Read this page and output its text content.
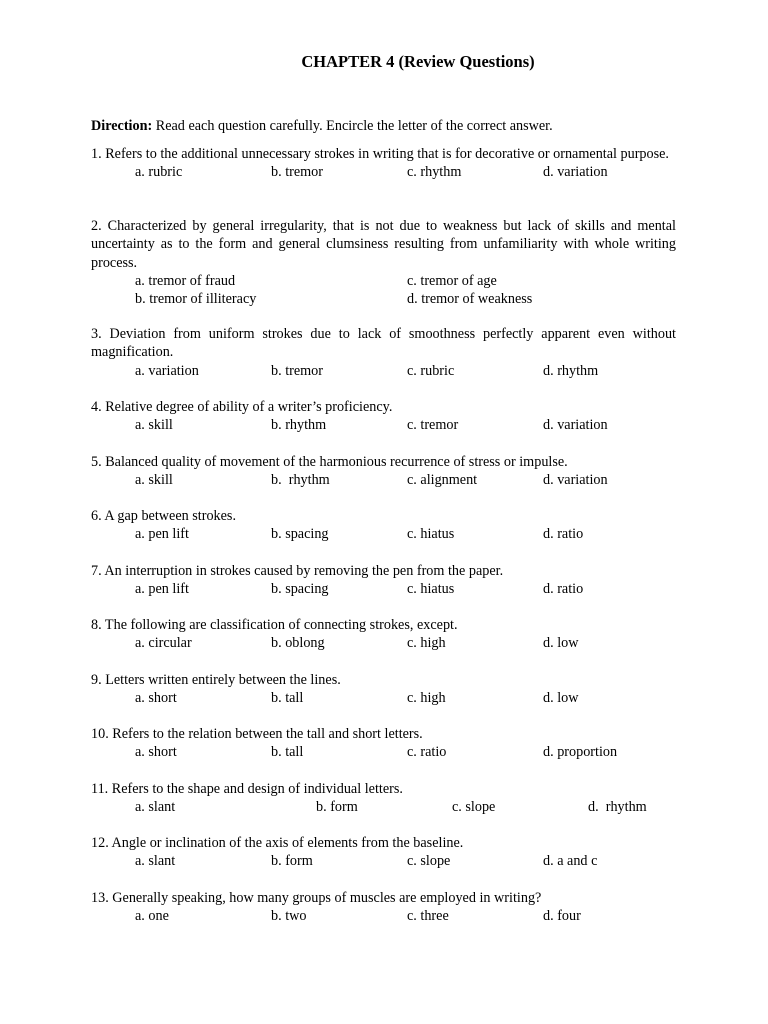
CHAPTER 4 (Review Questions)
Direction: Read each question carefully. Encircle the letter of the correct answer.
1. Refers to the additional unnecessary strokes in writing that is for decorative or ornamental purpose.
a. rubric	b. tremor	c. rhythm	d. variation
2. Characterized by general irregularity, that is not due to weakness but lack of skills and mental uncertainty as to the form and general clumsiness resulting from unfamiliarity with whole writing process.
a. tremor of fraud	c. tremor of age
b. tremor of illiteracy	d. tremor of weakness
3. Deviation from uniform strokes due to lack of smoothness perfectly apparent even without magnification.
a. variation	b. tremor	c. rubric	d. rhythm
4. Relative degree of ability of a writer’s proficiency.
a. skill	b. rhythm	c. tremor	d. variation
5. Balanced quality of movement of the harmonious recurrence of stress or impulse.
a. skill	b.  rhythm	c. alignment	d. variation
6. A gap between strokes.
a. pen lift	b. spacing	c. hiatus	d. ratio
7. An interruption in strokes caused by removing the pen from the paper.
a. pen lift	b. spacing	c. hiatus	d. ratio
8. The following are classification of connecting strokes, except.
a. circular	b. oblong	c. high	d. low
9. Letters written entirely between the lines.
a. short	b. tall	c. high	d. low
10. Refers to the relation between the tall and short letters.
a. short	b. tall	c. ratio	d. proportion
11. Refers to the shape and design of individual letters.
a. slant	b. form	c. slope	d.  rhythm
12. Angle or inclination of the axis of elements from the baseline.
a. slant	b. form	c. slope	d. a and c
13. Generally speaking, how many groups of muscles are employed in writing?
a. one	b. two	c. three	d. four
